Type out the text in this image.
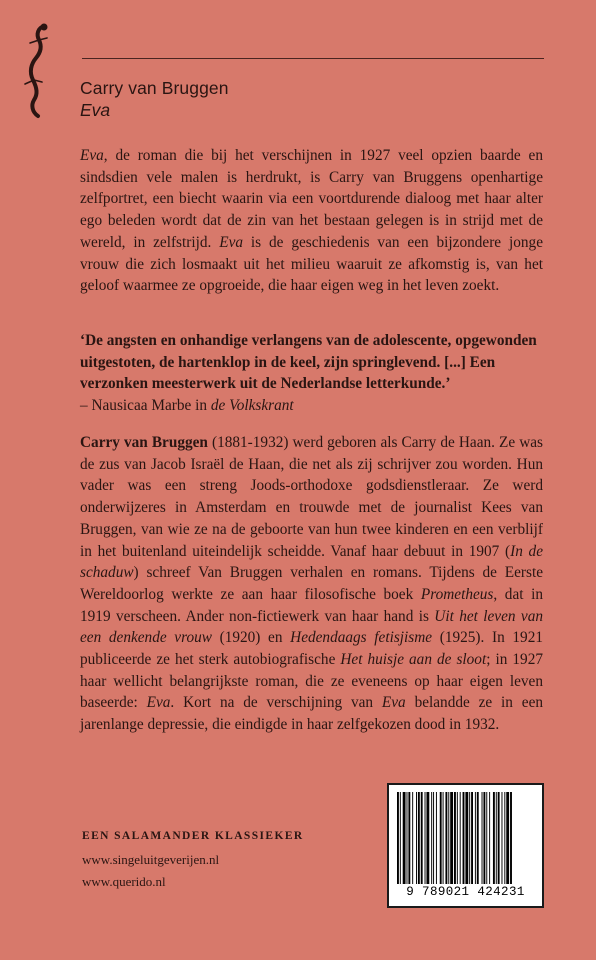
Carry van Bruggen
Eva

Eva, de roman die bij het verschijnen in 1927 veel opzien baarde en sindsdien vele malen is herdrukt, is Carry van Bruggens openhartige zelfportret, een biecht waarin via een voortdurende dialoog met haar alter ego beleden wordt dat de zin van het bestaan gelegen is in strijd met de wereld, in zelfstrijd. Eva is de geschiedenis van een bijzondere jonge vrouw die zich losmaakt uit het milieu waaruit ze afkomstig is, van het geloof waarmee ze opgroeide, die haar eigen weg in het leven zoekt.

‘De angsten en onhandige verlangens van de adolescente, opgewonden uitgestoten, de hartenklop in de keel, zijn springlevend. [...] Een verzonken meesterwerk uit de Nederlandse letterkunde.’
– Nausicaa Marbe in de Volkskrant

Carry van Bruggen (1881-1932) werd geboren als Carry de Haan. Ze was de zus van Jacob Israël de Haan, die net als zij schrijver zou worden. Hun vader was een streng Joods-orthodoxe godsdienstleraar. Ze werd onderwijzeres in Amsterdam en trouwde met de journalist Kees van Bruggen, van wie ze na de geboorte van hun twee kinderen en een verblijf in het buitenland uiteindelijk scheidde. Vanaf haar debuut in 1907 (In de schaduw) schreef Van Bruggen verhalen en romans. Tijdens de Eerste Wereldoorlog werkte ze aan haar filosofische boek Prometheus, dat in 1919 verscheen. Ander non-fictiewerk van haar hand is Uit het leven van een denkende vrouw (1920) en Hedendaags fetisjisme (1925). In 1921 publiceerde ze het sterk autobiografische Het huisje aan de sloot; in 1927 haar wellicht belangrijkste roman, die ze eveneens op haar eigen leven baseerde: Eva. Kort na de verschijning van Eva belandde ze in een jarenlange depressie, die eindigde in haar zelfgekozen dood in 1932.

EEN SALAMANDER KLASSIEKER
www.singeluitgeverijen.nl
www.querido.nl
9 789021 424231
